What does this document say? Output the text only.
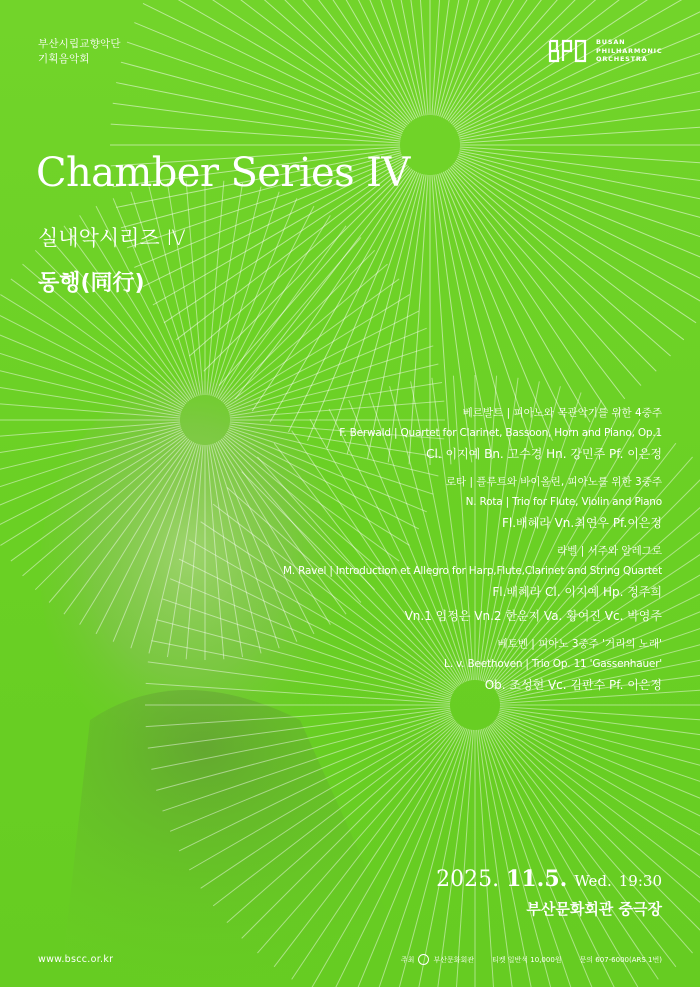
부산시립교향악단
기획음악회	BPO
BUSAN
PHILHARMONIC
ORCHESTRA
Chamber Series IV
실내악시리즈 Ⅳ
동행(同行)
베르발트 | 피아노와 목관악기를 위한 4중주
F. Berwald | Quartet for Clarinet, Bassoon, Horn and Piano, Op.1
Cl. 이지예 Bn. 고수경 Hn. 강민주 Pf. 이은정
로타 | 플루트와 바이올린, 피아노를 위한 3중주
N. Rota | Trio for Flute, Violin and Piano
Fl.배혜라 Vn.최연우 Pf.이은정
라벨 | 서주와 알레그로
M. Ravel | Introduction et Allegro for Harp,Flute,Clarinet and String Quartet
Fl.배혜라 Cl. 이지예 Hp. 정주희
Vn.1 임정은 Vn.2 한운지 Va. 황여진 Vc. 박영주
베토벤 | 피아노 3중주 '거리의 노래'
L. v. Beethoven | Trio Op. 11 'Gassenhauer'
Ob. 조성현 Vc. 김판수 Pf. 이은정
2025. 11.5. Wed. 19:30
부산문화회관 중극장
www.bscc.or.kr	주최	부산문화회관	티켓 일반석 10,000원	문의 607-6000(ARS 1번)
